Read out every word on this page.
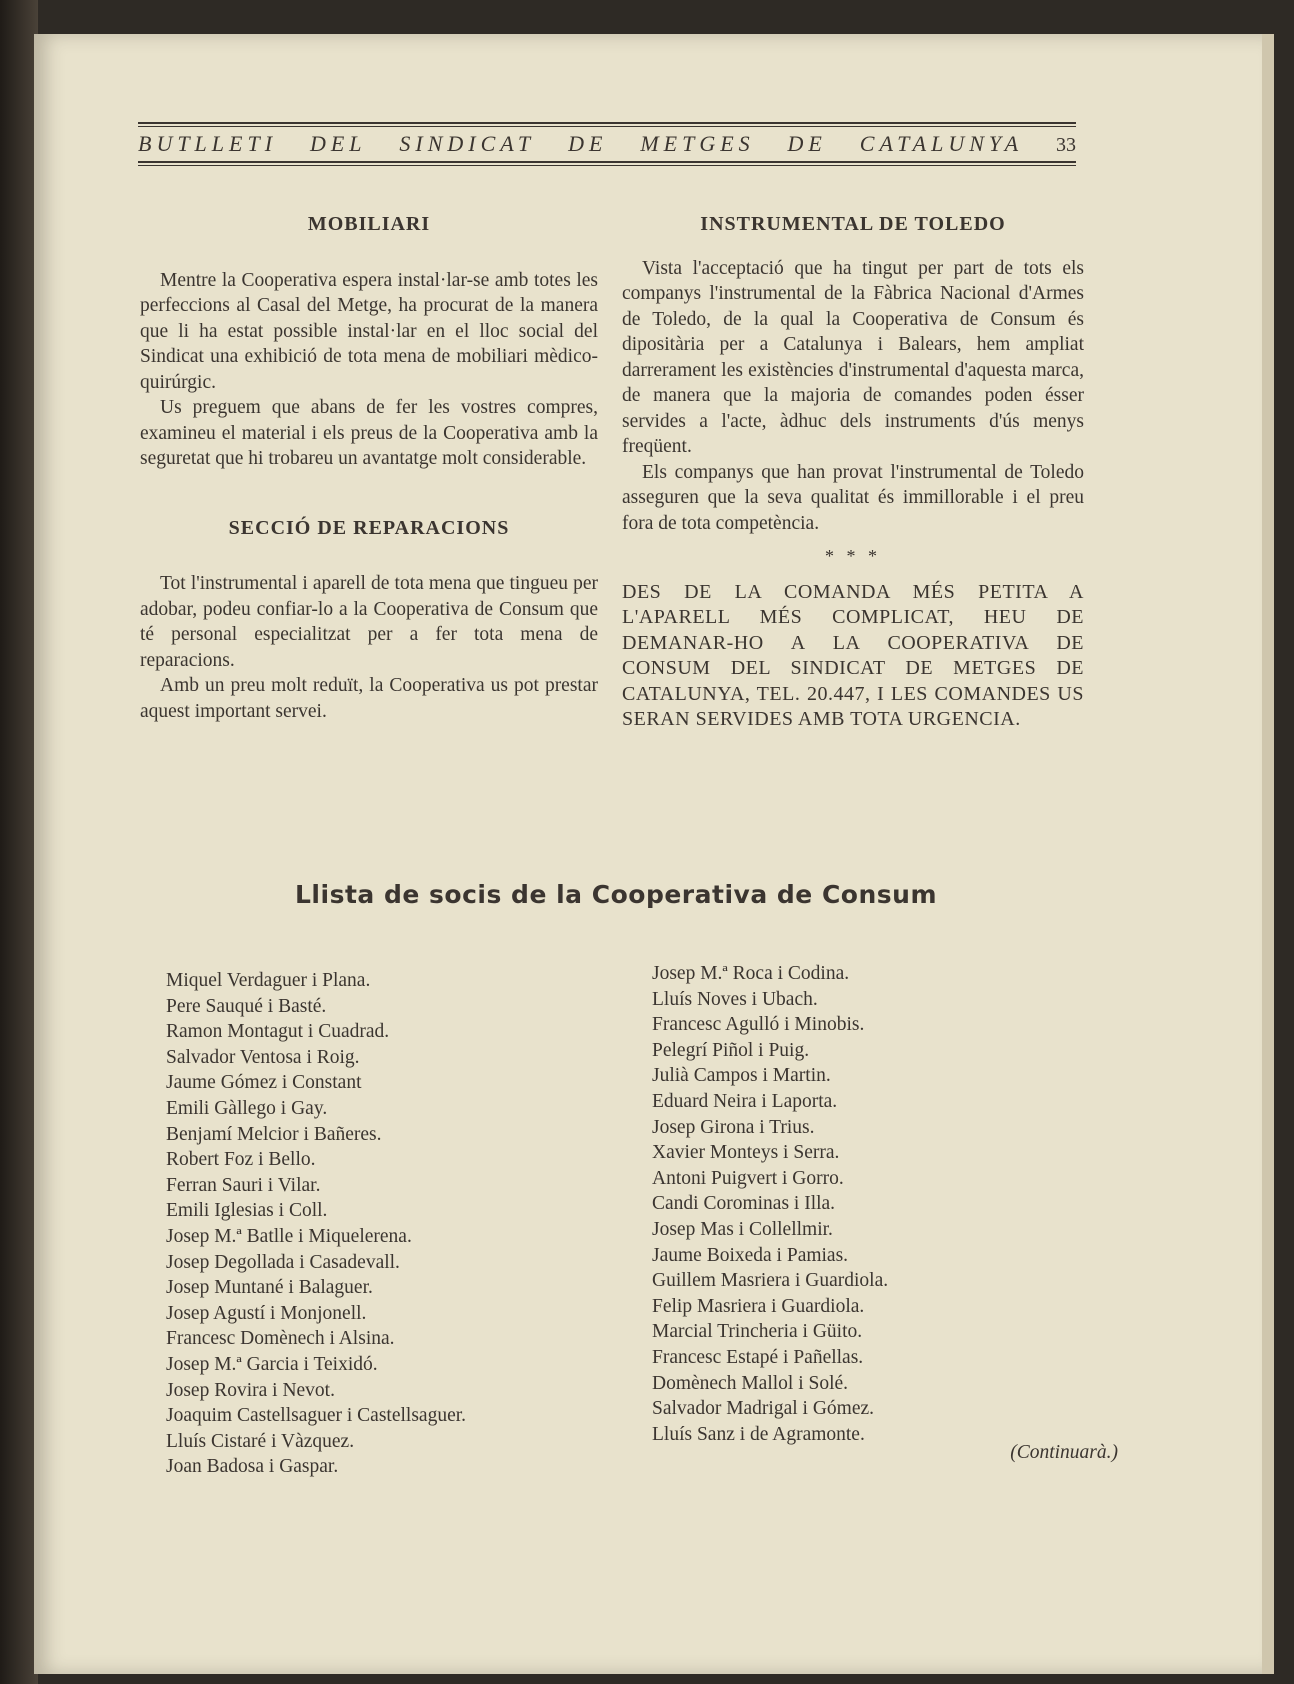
BUTLLETI DEL SINDICAT DE METGES DE CATALUNYA 33
MOBILIARI

Mentre la Cooperativa espera instal·lar-se amb totes les perfeccions al Casal del Metge, ha procurat de la manera que li ha estat possible instal·lar en el lloc social del Sindicat una exhibició de tota mena de mobiliari mèdico-quirúrgic.

Us preguem que abans de fer les vostres compres, examineu el material i els preus de la Cooperativa amb la seguretat que hi trobareu un avantatge molt considerable.

SECCIÓ DE REPARACIONS

Tot l'instrumental i aparell de tota mena que tingueu per adobar, podeu confiar-lo a la Cooperativa de Consum que té personal especialitzat per a fer tota mena de reparacions.

Amb un preu molt reduït, la Cooperativa us pot prestar aquest important servei.

INSTRUMENTAL DE TOLEDO

Vista l'acceptació que ha tingut per part de tots els companys l'instrumental de la Fàbrica Nacional d'Armes de Toledo, de la qual la Cooperativa de Consum és dipositària per a Catalunya i Balears, hem ampliat darrerament les existències d'instrumental d'aquesta marca, de manera que la majoria de comandes poden ésser servides a l'acte, àdhuc dels instruments d'ús menys freqüent.

Els companys que han provat l'instrumental de Toledo asseguren que la seva qualitat és immillorable i el preu fora de tota competència.

* * *
DES DE LA COMANDA MÉS PETITA A L'APARELL MÉS COMPLICAT, HEU DE DEMANAR-HO A LA COOPERATIVA DE CONSUM DEL SINDICAT DE METGES DE CATALUNYA, TEL. 20.447, I LES COMANDES US SERAN SERVIDES AMB TOTA URGENCIA.
Llista de socis de la Cooperativa de Consum
Miquel Verdaguer i Plana.
Pere Sauqué i Basté.
Ramon Montagut i Cuadrad.
Salvador Ventosa i Roig.
Jaume Gómez i Constant
Emili Gàllego i Gay.
Benjamí Melcior i Bañeres.
Robert Foz i Bello.
Ferran Sauri i Vilar.
Emili Iglesias i Coll.
Josep M.ª Batlle i Miquelerena.
Josep Degollada i Casadevall.
Josep Muntané i Balaguer.
Josep Agustí i Monjonell.
Francesc Domènech i Alsina.
Josep M.ª Garcia i Teixidó.
Josep Rovira i Nevot.
Joaquim Castellsaguer i Castellsaguer.
Lluís Cistaré i Vàzquez.
Joan Badosa i Gaspar.
Josep M.ª Roca i Codina.
Lluís Noves i Ubach.
Francesc Agulló i Minobis.
Pelegrí Piñol i Puig.
Julià Campos i Martin.
Eduard Neira i Laporta.
Josep Girona i Trius.
Xavier Monteys i Serra.
Antoni Puigvert i Gorro.
Candi Corominas i Illa.
Josep Mas i Collellmir.
Jaume Boixeda i Pamias.
Guillem Masriera i Guardiola.
Felip Masriera i Guardiola.
Marcial Trincheria i Güito.
Francesc Estapé i Pañellas.
Domènech Mallol i Solé.
Salvador Madrigal i Gómez.
Lluís Sanz i de Agramonte.
(Continuarà.)
